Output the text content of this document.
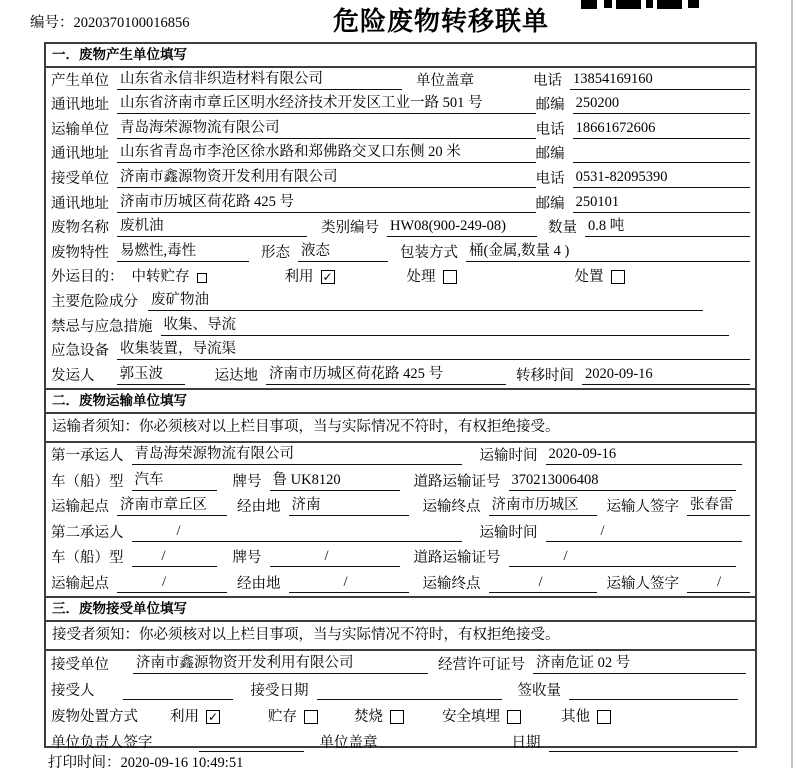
编号：2020370100016856	危险废物转移联单
一．废物产生单位填写
产生单位 山东省永信非织造材料有限公司	单位盖章	电话 13854169160
通讯地址 山东省济南市章丘区明水经济技术开发区工业一路 501 号	邮编 250200
运输单位 青岛海荣源物流有限公司	电话 18661672606
通讯地址 山东省青岛市李沧区徐水路和郑佛路交叉口东侧 20 米	邮编
接受单位 济南市鑫源物资开发利用有限公司	电话 0531-82095390
通讯地址 济南市历城区荷花路 425 号	邮编 250101
废物名称 废机油	类别编号 HW08(900-249-08)	数量 0.8 吨
废物特性 易燃性,毒性	形态 液态	包装方式 桶(金属,数量 4 )
外运目的： 中转贮存	利用 ✓	处理	处置
主要危险成分 废矿物油
禁忌与应急措施 收集、导流
应急设备 收集装置，导流渠
发运人 郭玉波	运达地 济南市历城区荷花路 425 号	转移时间 2020-09-16
二．废物运输单位填写
运输者须知：你必须核对以上栏目事项，当与实际情况不符时，有权拒绝接受。
第一承运人 青岛海荣源物流有限公司	运输时间 2020-09-16
车（船）型 汽车	牌号 鲁 UK8120	道路运输证号 370213006408
运输起点 济南市章丘区	经由地 济南	运输终点 济南市历城区	运输人签字 张春雷
第二承运人	/	运输时间	/
车（船）型	/	牌号	/	道路运输证号	/
运输起点	/	经由地	/	运输终点	/	运输人签字	/
三．废物接受单位填写
接受者须知：你必须核对以上栏目事项，当与实际情况不符时，有权拒绝接受。
接受单位 济南市鑫源物资开发利用有限公司	经营许可证号 济南危证 02 号
接受人	接受日期	签收量
废物处置方式 利用 ✓	贮存	焚烧	安全填埋	其他
单位负责人签字	单位盖章	日期
打印时间：2020-09-16 10:49:51
